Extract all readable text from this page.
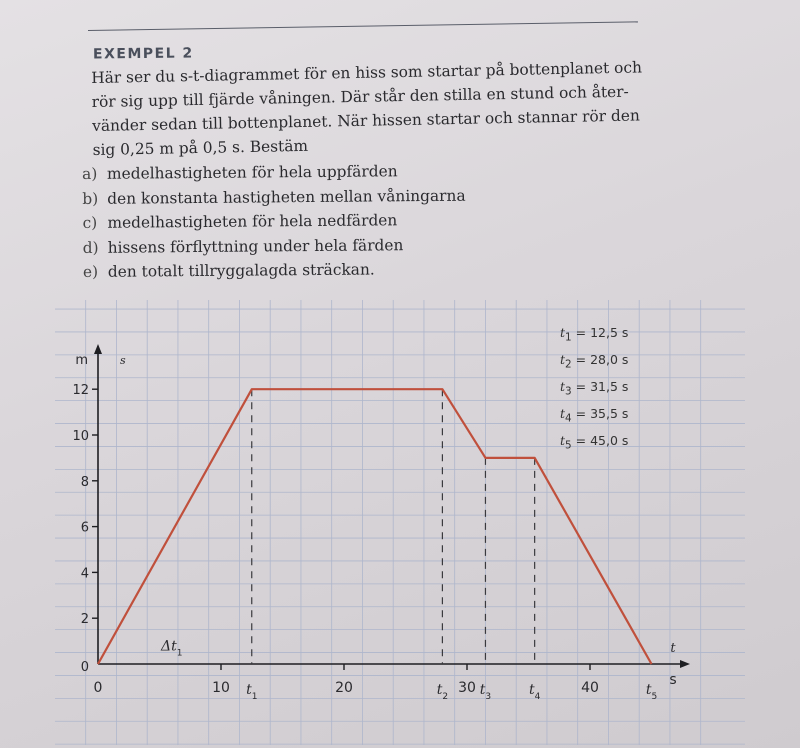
EXEMPEL 2
Här ser du s-t-diagrammet för en hiss som startar på bottenplanet och
rör sig upp till fjärde våningen. Där står den stilla en stund och åter-
vänder sedan till bottenplanet. När hissen startar och stannar rör den
sig 0,25 m på 0,5 s. Bestäm
a) medelhastigheten för hela uppfärden
b) den konstanta hastigheten mellan våningarna
c) medelhastigheten för hela nedfärden
d) hissens förflyttning under hela färden
e) den totalt tillryggalagda sträckan.
2
4
6
8
10
12
0
10	20	30	40
0
m	s
t
s
$t_1$	$t_2$ $t_3$	$t_4$	$t_5$
$\Delta t_1$
$t_1 = 12,5$ s
$t_2 = 28,0$ s
$t_3 = 31,5$ s
$t_4 = 35,5$ s
$t_5 = 45,0$ s
